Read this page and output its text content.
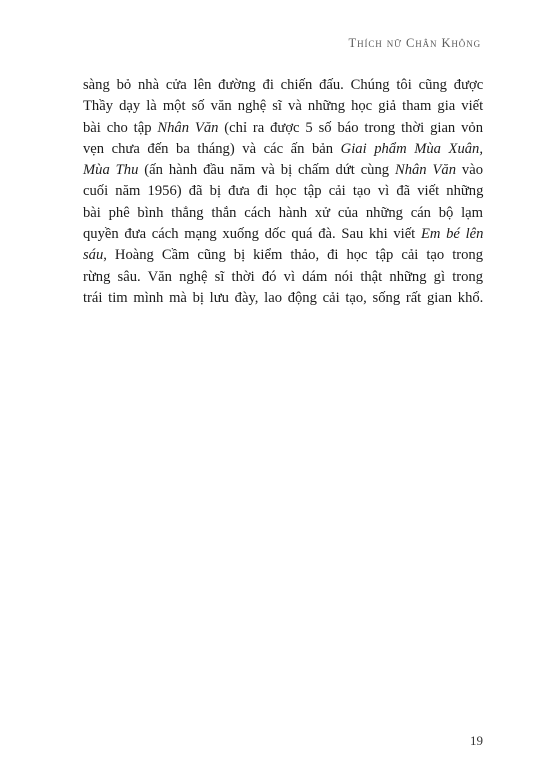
Thích nữ Chân Không
sàng bỏ nhà cửa lên đường đi chiến đấu. Chúng tôi cũng được
Thầy dạy là một số văn nghệ sĩ và những học giả tham gia viết
bài cho tập Nhân Văn (chỉ ra được 5 số báo trong thời gian vỏn
vẹn chưa đến ba tháng) và các ấn bản Giai phẩm Mùa Xuân,
Mùa Thu (ấn hành đầu năm và bị chấm dứt cùng Nhân Văn vào
cuối năm 1956) đã bị đưa đi học tập cải tạo vì đã viết những
bài phê bình thẳng thắn cách hành xử của những cán bộ lạm
quyền đưa cách mạng xuống dốc quá đà. Sau khi viết Em bé lên
sáu, Hoàng Cầm cũng bị kiểm thảo, đi học tập cải tạo trong
rừng sâu. Văn nghệ sĩ thời đó vì dám nói thật những gì trong
trái tim mình mà bị lưu đày, lao động cải tạo, sống rất gian khổ.
19
